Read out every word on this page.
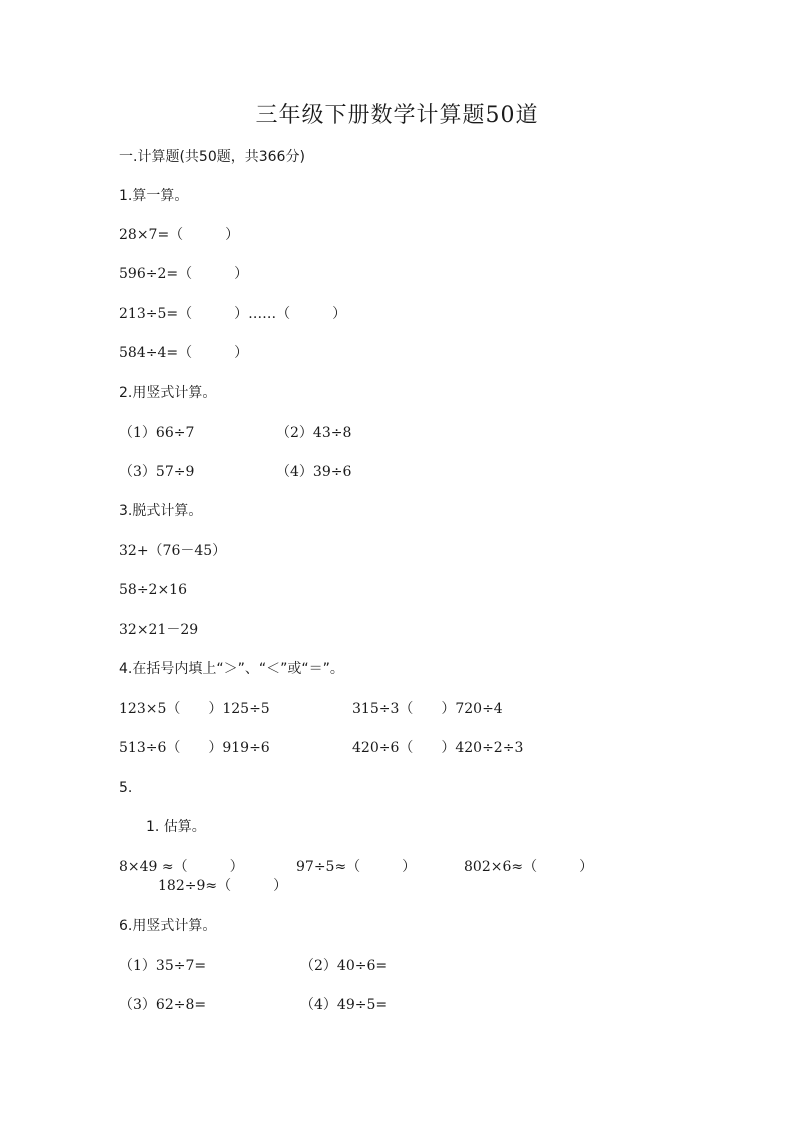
三年级下册数学计算题50道
一.计算题(共50题，共366分)
1.算一算。
28×7=（　　　）
596÷2=（　　　）
213÷5=（　　　）……（　　　）
584÷4=（　　　）
2.用竖式计算。
（1）66÷7	（2）43÷8
（3）57÷9	（4）39÷6
3.脱式计算。
32+（76－45）
58÷2×16
32×21－29
4.在括号内填上“＞”、“＜”或“＝”。
123×5（　　）125÷5	315÷3（　　）720÷4
513÷6（　　）919÷6	420÷6（　　）420÷2÷3
5.
1. 估算。
8×49 ≈（　　　）	97÷5≈（　　　）	802×6≈（　　　）
182÷9≈（　　　）
6.用竖式计算。
（1）35÷7=	（2）40÷6=
（3）62÷8=	（4）49÷5=
